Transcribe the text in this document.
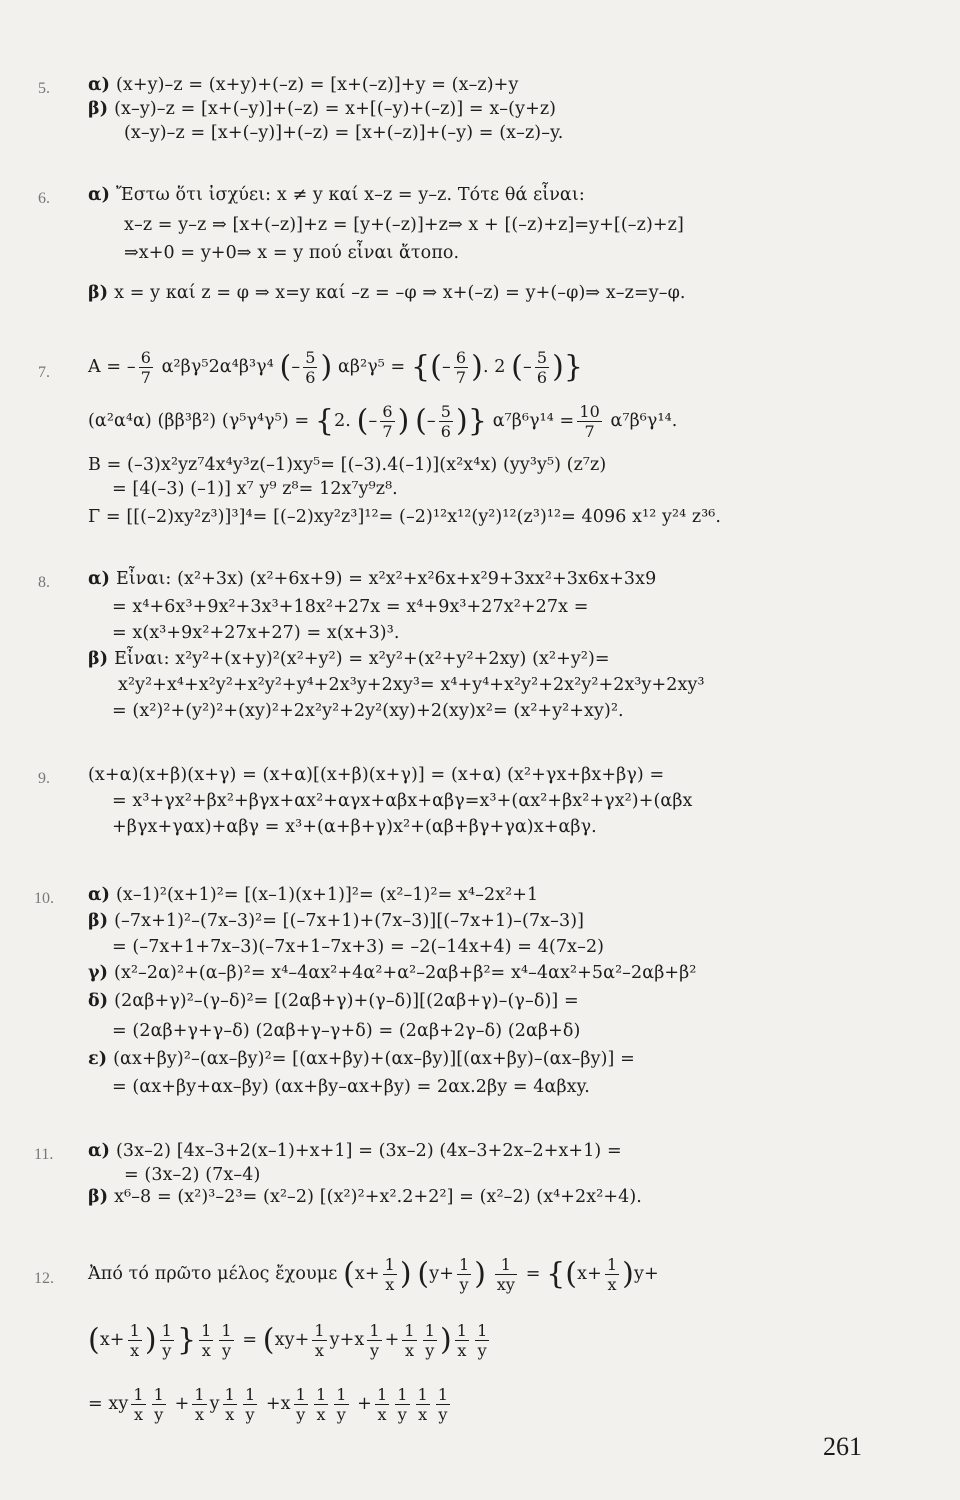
5. α) (x+y)–z = (x+y)+(–z) = [x+(–z)]+y = (x–z)+y
β) (x–y)–z = [x+(–y)]+(–z) = x+[(–y)+(–z)] = x–(y+z)
(x–y)–z = [x+(–y)]+(–z) = [x+(–z)]+(–y) = (x–z)–y.
6. α) Ἔστω ὅτι ἰσχύει: x ≠ y καί x–z = y–z. Τότε θά εἶναι:
x–z = y–z ⇒ [x+(–z)]+z = [y+(–z)]+z⇒ x + [(–z)+z]=y+[(–z)+z]
⇒x+0 = y+0⇒ x = y πού εἶναι ἄτοπο.
β) x = y καί z = φ ⇒ x=y καί –z = –φ ⇒ x+(–z) = y+(–φ)⇒ x–z=y–φ.
7. A = – $\frac{6}{7} \alpha^2\beta\gamma^52\alpha^4\beta^3\gamma^4$ (– $\frac{5}{6}$ ) αβ²γ⁵ = {(– $\frac{6}{7}$ ). 2 (– $\frac{5}{6}$ )}
(α²α⁴α) (ββ³β²) (γ⁵γ⁴γ⁵) = {2. (– $\frac{6}{7}$ ) (– $\frac{5}{6}$ )} $\alpha^7\beta^6\gamma^{14} = \frac{10}{7} \alpha^7\beta^6\gamma^{14}$.
B = (–3)x²yz⁷4x⁴y³z(–1)xy⁵= [(–3).4(–1)](x²x⁴x) (yy³y⁵) (z⁷z)
= [4(–3) (–1)] x⁷ y⁹ z⁸= 12x⁷y⁹z⁸.
Γ = [[(–2)xy²z³)]³]⁴= [(–2)xy²z³]¹²= (–2)¹²x¹²(y²)¹²(z³)¹²= 4096 x¹² y²⁴ z³⁶.
8. α) Εἶναι: (x²+3x) (x²+6x+9) = x²x²+x²6x+x²9+3xx²+3x6x+3x9
= x⁴+6x³+9x²+3x³+18x²+27x = x⁴+9x³+27x²+27x =
= x(x³+9x²+27x+27) = x(x+3)³.
β) Εἶναι: x²y²+(x+y)²(x²+y²) = x²y²+(x²+y²+2xy) (x²+y²)=
x²y²+x⁴+x²y²+x²y²+y⁴+2x³y+2xy³= x⁴+y⁴+x²y²+2x²y²+2x³y+2xy³
= (x²)²+(y²)²+(xy)²+2x²y²+2y²(xy)+2(xy)x²= (x²+y²+xy)².
9. (x+α)(x+β)(x+γ) = (x+α)[(x+β)(x+γ)] = (x+α) (x²+γx+βx+βγ) =
= x³+γx²+βx²+βγx+αx²+αγx+αβx+αβγ=x³+(αx²+βx²+γx²)+(αβx
+βγx+γαx)+αβγ = x³+(α+β+γ)x²+(αβ+βγ+γα)x+αβγ.
10. α) (x–1)²(x+1)²= [(x–1)(x+1)]²= (x²–1)²= x⁴–2x²+1
β) (–7x+1)²–(7x–3)²= [(–7x+1)+(7x–3)][(–7x+1)–(7x–3)]
= (–7x+1+7x–3)(–7x+1–7x+3) = –2(–14x+4) = 4(7x–2)
γ) (x²–2α)²+(α–β)²= x⁴–4αx²+4α²+α²–2αβ+β²= x⁴–4αx²+5α²–2αβ+β²
δ) (2αβ+γ)²–(γ–δ)²= [(2αβ+γ)+(γ–δ)][(2αβ+γ)–(γ–δ)] =
= (2αβ+γ+γ–δ) (2αβ+γ–γ+δ) = (2αβ+2γ–δ) (2αβ+δ)
ε) (αx+βy)²–(αx–βy)²= [(αx+βy)+(αx–βy)][(αx+βy)–(αx–βy)] =
= (αx+βy+αx–βy) (αx+βy–αx+βy) = 2αx.2βy = 4αβxy.
11. α) (3x–2) [4x–3+2(x–1)+x+1] = (3x–2) (4x–3+2x–2+x+1) =
= (3x–2) (7x–4)
β) x⁶–8 = (x²)³–2³= (x²–2) [(x²)²+x².2+2²] = (x²–2) (x⁴+2x²+4).
12. Ἀπό τό πρῶτο μέλος ἔχουμε ($x+ \frac{1}{x}$ ) ($y+ \frac{1}{y}$ ) $\frac{1}{xy} = \{(x+ \frac{1}{x} )y+$
($x+ \frac{1}{x}$ ) $\frac{1}{y}$ } $\frac{1}{x} \frac{1}{y} = (xy+ \frac{1}{x} y+x \frac{1}{y} + \frac{1}{x} \frac{1}{y}$ ) $\frac{1}{x} \frac{1}{y}$
= xy $\frac{1}{x} \frac{1}{y} + \frac{1}{x}$ y $\frac{1}{x} \frac{1}{y} +x \frac{1}{y} \frac{1}{x} \frac{1}{y} + \frac{1}{x} \frac{1}{y} \frac{1}{x} \frac{1}{y}$
261
